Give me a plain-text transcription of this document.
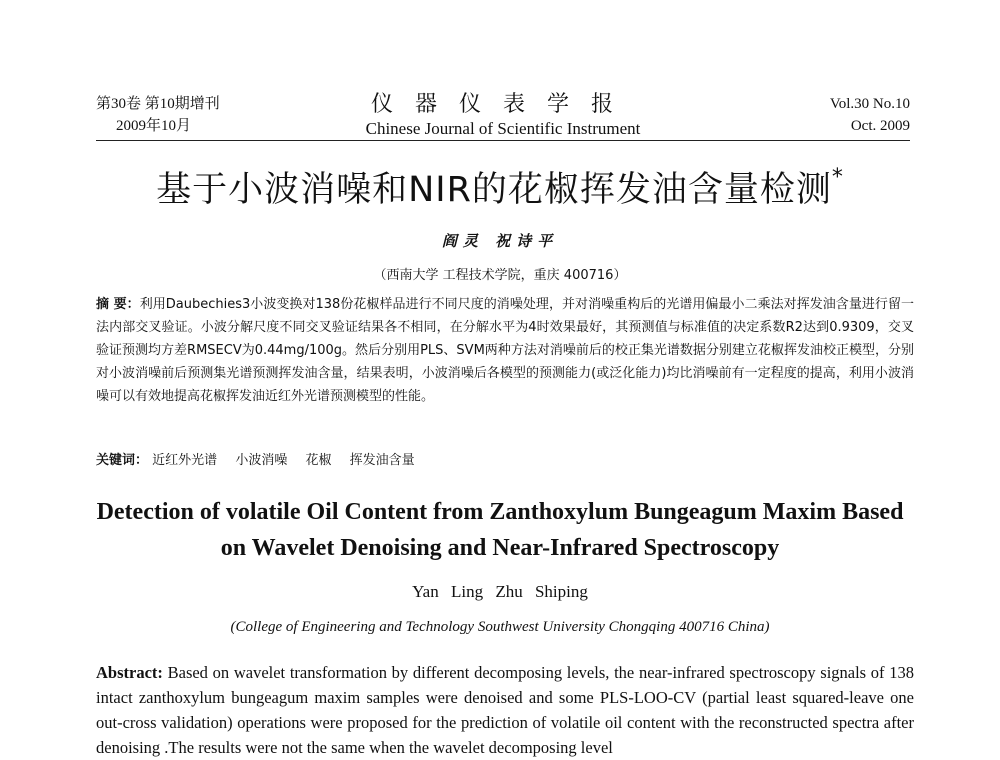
第30卷 第10期增刊
2009年10月
仪器仪表学报
Chinese Journal of Scientific Instrument
Vol.30 No.10
Oct. 2009
基于小波消噪和NIR的花椒挥发油含量检测*
阎灵 祝诗平
（西南大学 工程技术学院，重庆 400716）
摘 要：利用Daubechies3小波变换对138份花椒样品进行不同尺度的消噪处理，并对消噪重构后的光谱用偏最小二乘法对挥发油含量进行留一法内部交叉验证。小波分解尺度不同交叉验证结果各不相同，在分解水平为4时效果最好，其预测值与标准值的决定系数R2达到0.9309，交叉验证预测均方差RMSECV为0.44mg/100g。然后分别用PLS、SVM两种方法对消噪前后的校正集光谱数据分别建立花椒挥发油校正模型，分别对小波消噪前后预测集光谱预测挥发油含量，结果表明，小波消噪后各模型的预测能力(或泛化能力)均比消噪前有一定程度的提高，利用小波消噪可以有效地提高花椒挥发油近红外光谱预测模型的性能。
关键词： 近红外光谱 小波消噪 花椒 挥发油含量
Detection of volatile Oil Content from Zanthoxylum Bungeagum Maxim Based
on Wavelet Denoising and Near-Infrared Spectroscopy
Yan Ling Zhu Shiping
(College of Engineering and Technology Southwest University Chongqing 400716 China)
Abstract: Based on wavelet transformation by different decomposing levels, the near-infrared spectroscopy signals of 138 intact zanthoxylum bungeagum maxim samples were denoised and some PLS-LOO-CV (partial least squared-leave one out-cross validation) operations were proposed for the prediction of volatile oil content with the reconstructed spectra after denoising .The results were not the same when the wavelet decomposing level
